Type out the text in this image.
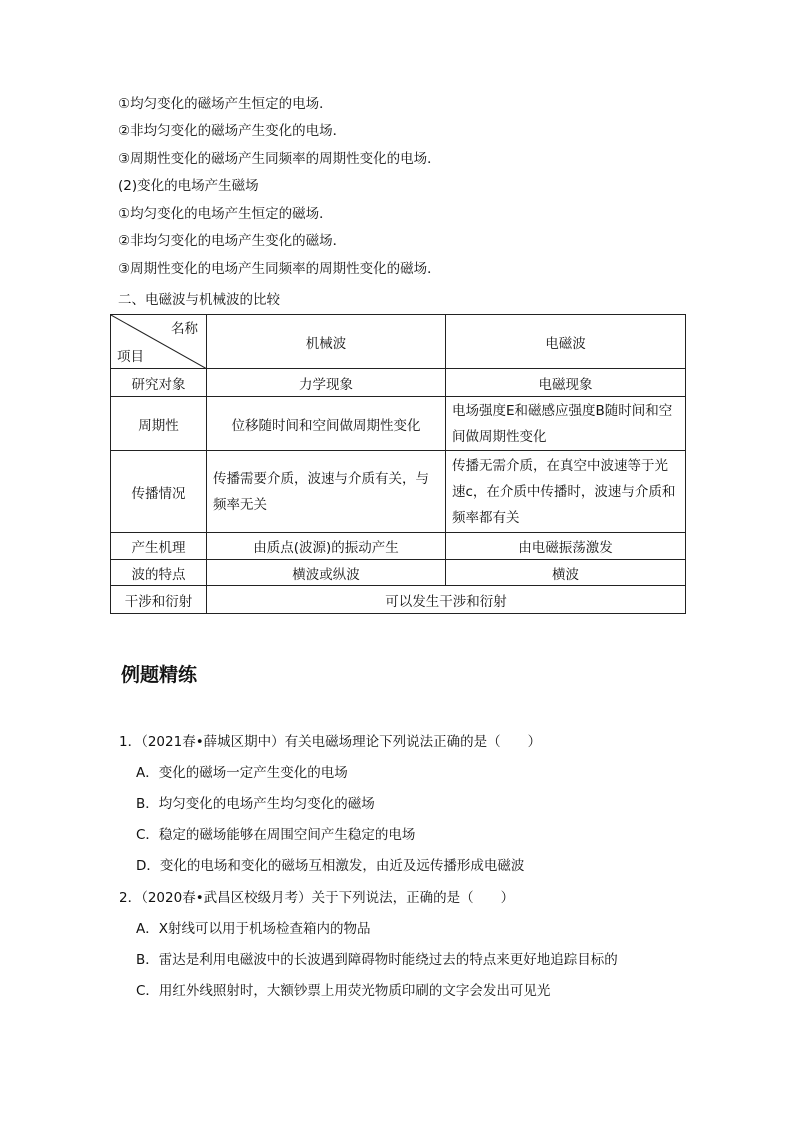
①均匀变化的磁场产生恒定的电场．
②非均匀变化的磁场产生变化的电场．
③周期性变化的磁场产生同频率的周期性变化的电场．
(2)变化的电场产生磁场
①均匀变化的电场产生恒定的磁场．
②非均匀变化的电场产生变化的磁场．
③周期性变化的电场产生同频率的周期性变化的磁场．
二、电磁波与机械波的比较
名称
项目	机械波	电磁波
研究对象	力学现象	电磁现象
周期性	位移随时间和空间做周期性变化	电场强度E和磁感应强度B随时间和空间做周期性变化
传播情况	传播需要介质，波速与介质有关，与频率无关	传播无需介质，在真空中波速等于光速c，在介质中传播时，波速与介质和频率都有关
产生机理	由质点(波源)的振动产生	由电磁振荡激发
波的特点	横波或纵波	横波
干涉和衍射	可以发生干涉和衍射	
例题精练
1．（2021春•薛城区期中）有关电磁场理论下列说法正确的是（　　）
A．变化的磁场一定产生变化的电场
B．均匀变化的电场产生均匀变化的磁场
C．稳定的磁场能够在周围空间产生稳定的电场
D．变化的电场和变化的磁场互相激发，由近及远传播形成电磁波
2．（2020春•武昌区校级月考）关于下列说法，正确的是（　　）
A．X射线可以用于机场检查箱内的物品
B．雷达是利用电磁波中的长波遇到障碍物时能绕过去的特点来更好地追踪目标的
C．用红外线照射时，大额钞票上用荧光物质印刷的文字会发出可见光
